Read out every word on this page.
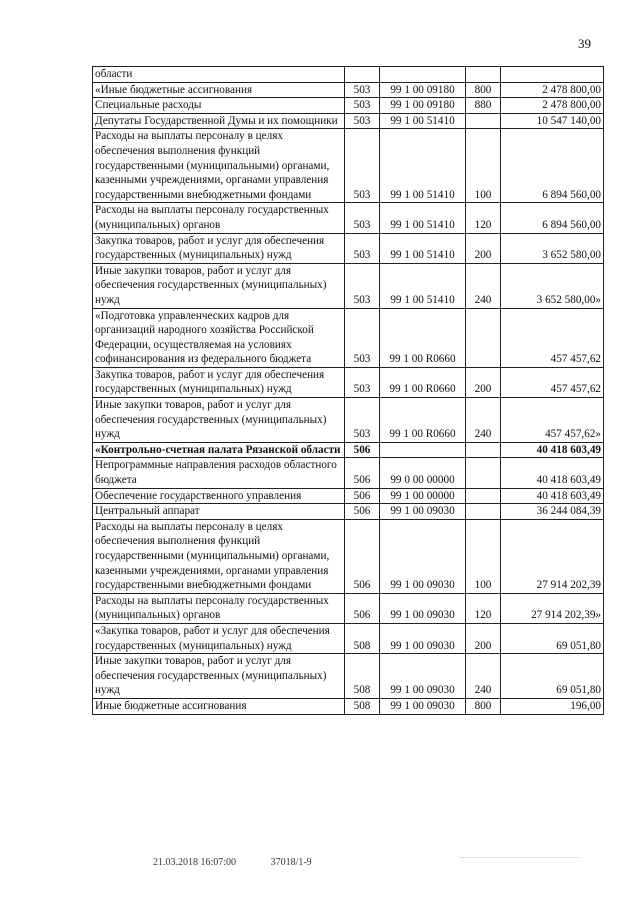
39
области				
«Иные бюджетные ассигнования	503	99 1 00 09180	800	2 478 800,00
Специальные расходы	503	99 1 00 09180	880	2 478 800,00
Депутаты Государственной Думы и их помощники	503	99 1 00 51410		10 547 140,00
Расходы на выплаты персоналу в целях обеспечения выполнения функций государственными (муниципальными) органами, казенными учреждениями, органами управления государственными внебюджетными фондами	503	99 1 00 51410	100	6 894 560,00
Расходы на выплаты персоналу государственных (муниципальных) органов	503	99 1 00 51410	120	6 894 560,00
Закупка товаров, работ и услуг для обеспечения государственных (муниципальных) нужд	503	99 1 00 51410	200	3 652 580,00
Иные закупки товаров, работ и услуг для обеспечения государственных (муниципальных) нужд	503	99 1 00 51410	240	3 652 580,00»
«Подготовка управленческих кадров для организаций народного хозяйства Российской Федерации, осуществляемая на условиях софинансирования из федерального бюджета	503	99 1 00 R0660		457 457,62
Закупка товаров, работ и услуг для обеспечения государственных (муниципальных) нужд	503	99 1 00 R0660	200	457 457,62
Иные закупки товаров, работ и услуг для обеспечения государственных (муниципальных) нужд	503	99 1 00 R0660	240	457 457,62»
«Контрольно-счетная палата Рязанской области	506			40 418 603,49
Непрограммные направления расходов областного бюджета	506	99 0 00 00000		40 418 603,49
Обеспечение государственного управления	506	99 1 00 00000		40 418 603,49
Центральный аппарат	506	99 1 00 09030		36 244 084,39
Расходы на выплаты персоналу в целях обеспечения выполнения функций государственными (муниципальными) органами, казенными учреждениями, органами управления государственными внебюджетными фондами	506	99 1 00 09030	100	27 914 202,39
Расходы на выплаты персоналу государственных (муниципальных) органов	506	99 1 00 09030	120	27 914 202,39»
«Закупка товаров, работ и услуг для обеспечения государственных (муниципальных) нужд	508	99 1 00 09030	200	69 051,80
Иные закупки товаров, работ и услуг для обеспечения государственных (муниципальных) нужд	508	99 1 00 09030	240	69 051,80
Иные бюджетные ассигнования	508	99 1 00 09030	800	196,00
21.03.2018 16:07:00	37018/1-9
